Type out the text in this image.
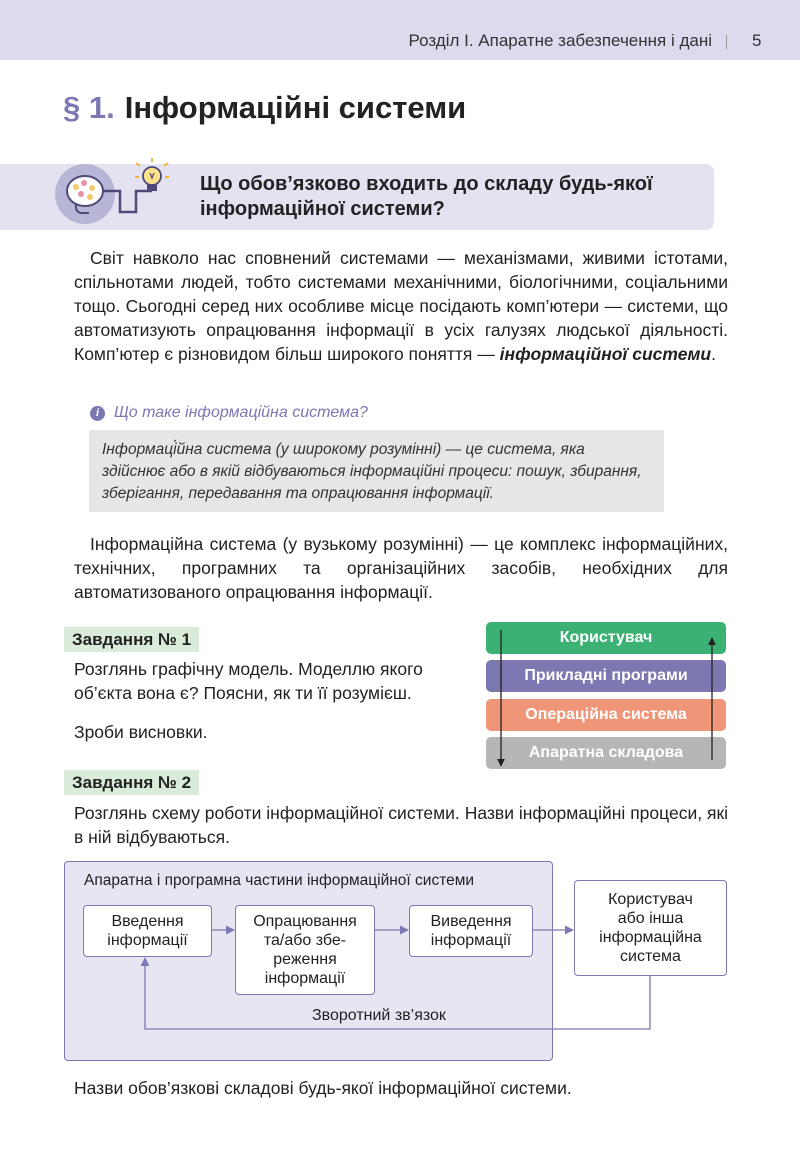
Розділ I. Апаратне забезпечення і дані 5
§ 1. Інформаційні системи
Що обов’язково входить до складу будь-якої
інформаційної системи?
Світ навколо нас сповнений системами — механізмами, живими істотами, спільнотами людей, тобто системами механічними, біологічними, соціальними тощо. Сьогодні серед них особливе місце посідають комп’ютери — системи, що автоматизують опрацювання інформації в усіх галузях людської діяльності. Комп’ютер є різновидом більш широкого поняття — інформаційної системи.
i Що таке інформаційна система?
Інформаці́йна система (у широкому розумінні) — це система, яка здійснює або в якій відбуваються інформаційні процеси: пошук, збирання, зберігання, передавання та опрацювання інформації.
Інформаційна система (у вузькому розумінні) — це комплекс інформаційних, технічних, програмних та організаційних засобів, необхідних для автоматизованого опрацювання інформації.
Завдання № 1
Розглянь графічну модель. Моделлю якого
об’єкта вона є? Поясни, як ти її розумієш.
Зроби висновки.
Користувач
Прикладні програми
Операційна система
Апаратна складова
Завдання № 2
Розглянь схему роботи інформаційної системи. Назви інформаційні процеси, які в ній відбуваються.
Апаратна і програмна частини інформаційної системи
Введення
інформації
Опрацювання
та/або збе-
реження
інформації
Виведення
інформації
Користувач
або інша
інформаційна
система
Зворотний зв’язок
Назви обов’язкові складові будь-якої інформаційної системи.
